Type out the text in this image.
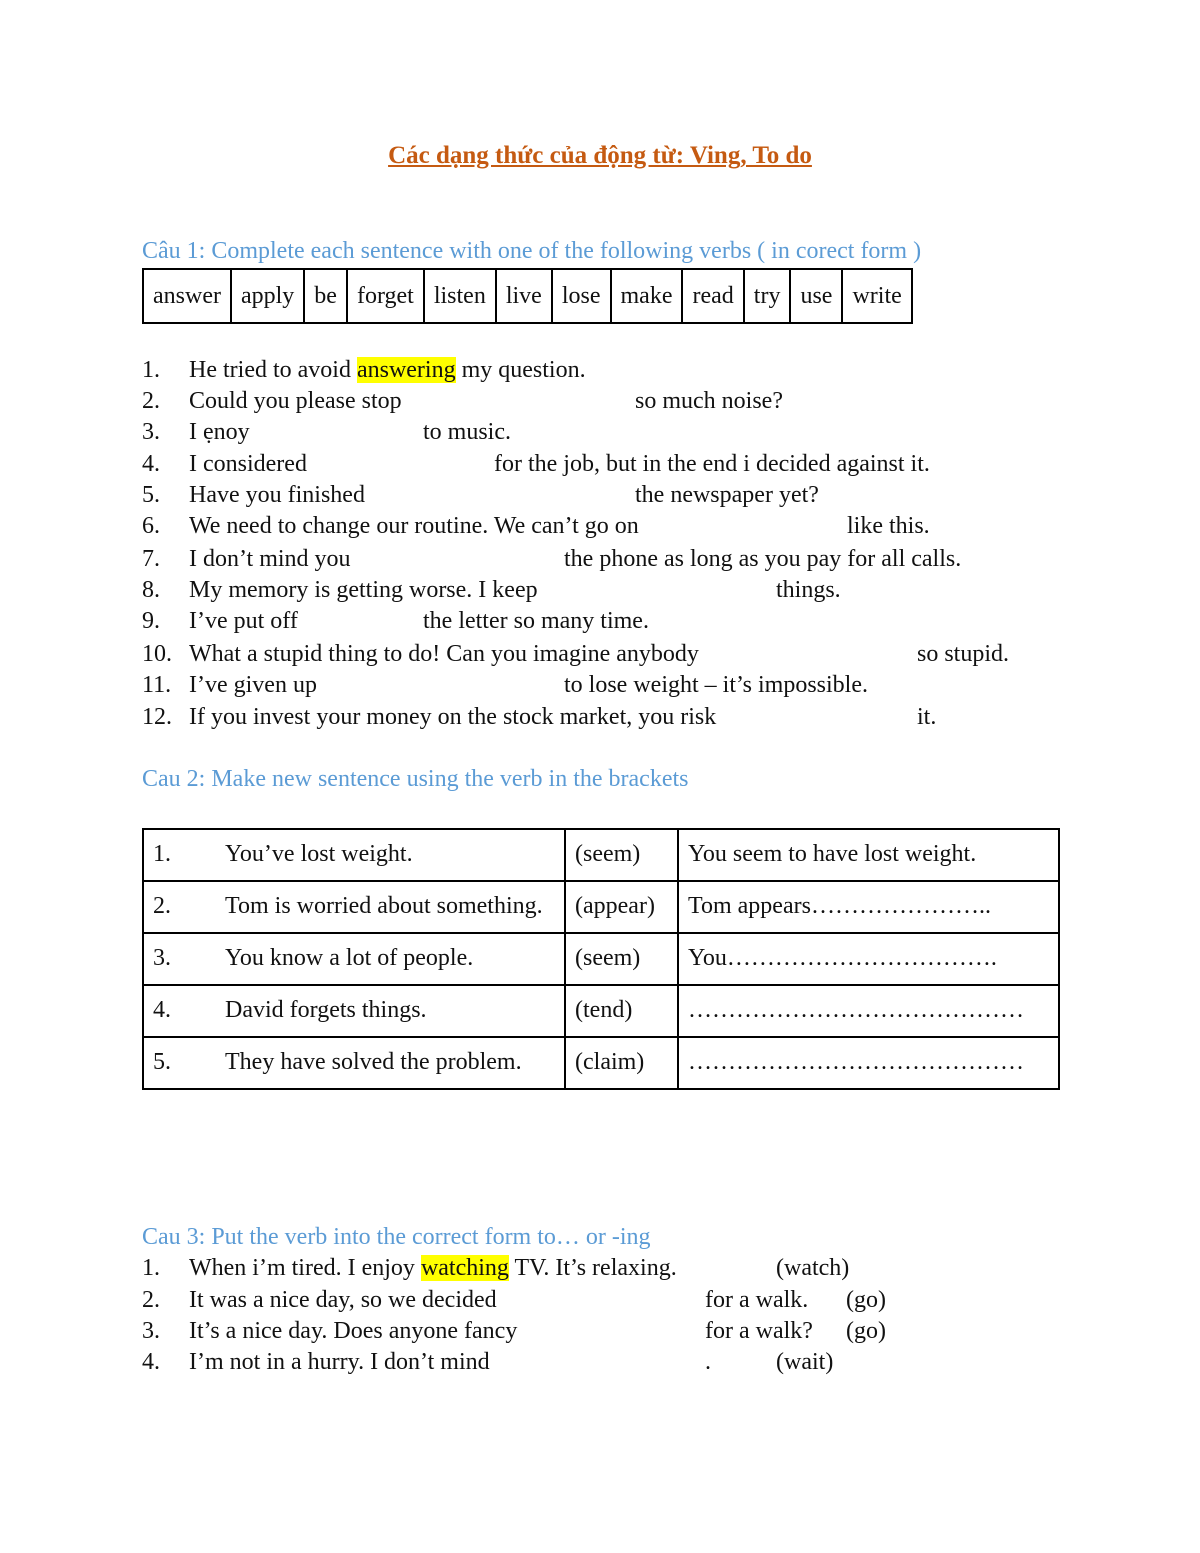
Các dạng thức của động từ: Ving, To do
Câu 1: Complete each sentence with one of the following verbs ( in corect form )
answer	apply	be	forget	listen	live	lose	make	read	try	use	write
1. He tried to avoid answering my question.
2. Could you please stop	so much noise?
3. I ẹnoy	to music.
4. I considered	for the job, but in the end i decided against it.
5. Have you finished	the newspaper yet?
6. We need to change our routine. We can’t go on	like this.
7. I don’t mind you	the phone as long as you pay for all calls.
8. My memory is getting worse. I keep	things.
9. I’ve put off	the letter so many time.
10. What a stupid thing to do! Can you imagine anybody	so stupid.
11. I’ve given up	to lose weight – it’s impossible.
12. If you invest your money on the stock market, you risk	it.
Cau 2: Make new sentence using the verb in the brackets
1. You’ve lost weight.	(seem)	You seem to have lost weight.
2. Tom is worried about something.	(appear)	Tom appears…………………..
3. You know a lot of people.	(seem)	You…………………………….
4. David forgets things.	(tend)	……………………………………
5. They have solved the problem.	(claim)	……………………………………
Cau 3: Put the verb into the correct form to… or -ing
1. When i’m tired. I enjoy watching TV. It’s relaxing.	(watch)
2. It was a nice day, so we decided	for a walk. (go)
3. It’s a nice day. Does anyone fancy	for a walk? (go)
4. I’m not in a hurry. I don’t mind	.	(wait)
